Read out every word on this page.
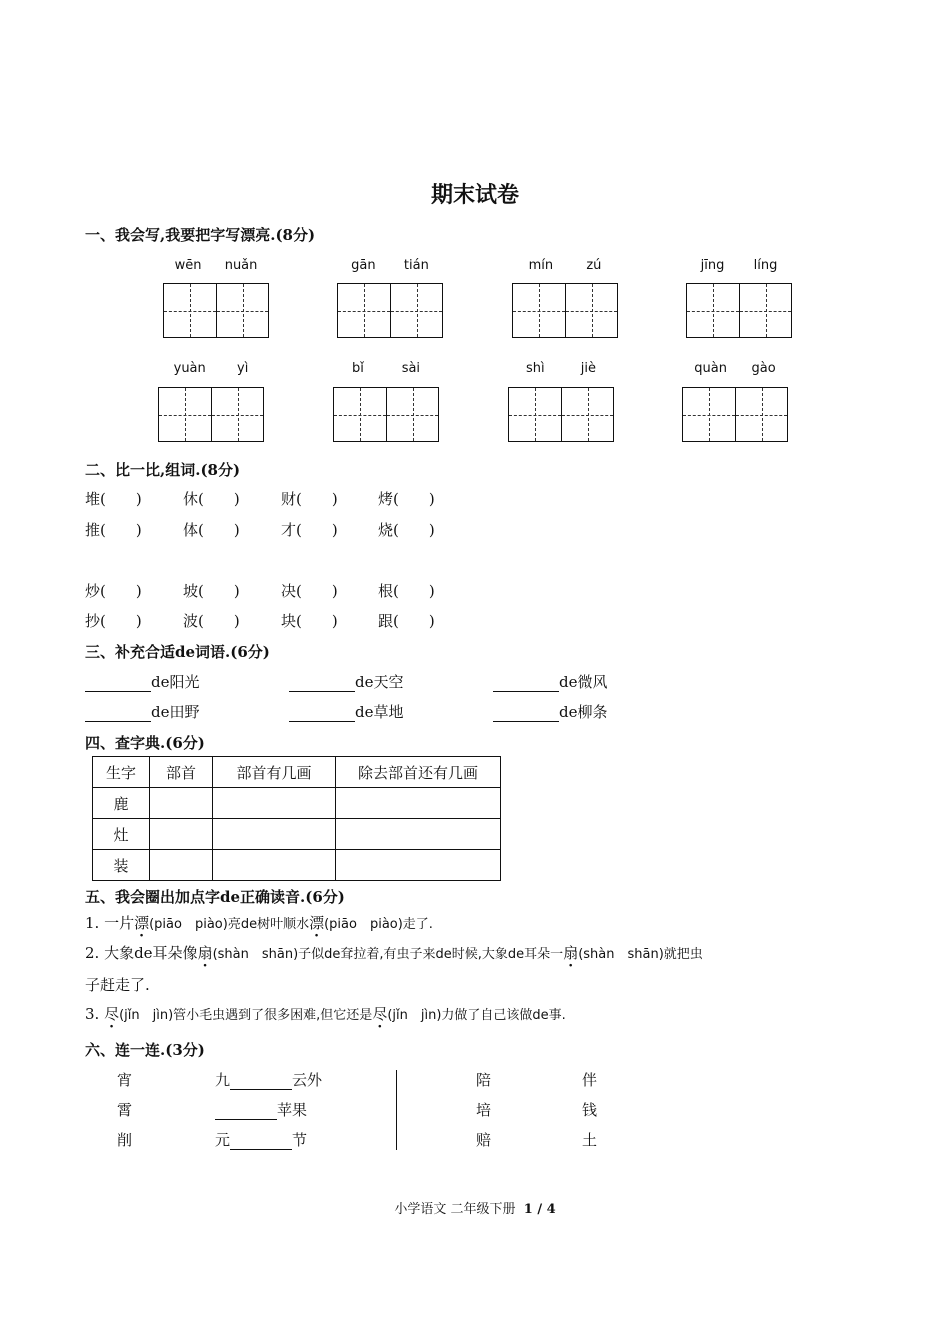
期末试卷
一、我会写,我要把字写漂亮.(8分)
wēn nuǎn	gān tián	mín	zú	jīng líng
yuàn yì	bǐ	sài	shì	jiè	quàn gào
二、比一比,组词.(8分)
堆(　　)	休(　　)	财(　　)	烤(　　)
推(　　)	体(　　)	才(　　)	烧(　　)
炒(　　)	坡(　　)	决(　　)	根(　　)
抄(　　)	波(　　)	块(　　)	跟(　　)
三、补充合适de词语.(6分)
de阳光	de天空	de微风
de田野	de草地	de柳条
四、查字典.(6分)
生字	部首	部首有几画	除去部首还有几画
鹿			
灶			
装			
五、我会圈出加点字de正确读音.(6分)
1. 一片漂(piāo　piào)亮de树叶顺水漂(piāo　piào)走了.
2. 大象de耳朵像扇(shàn　shān)子似de耷拉着,有虫子来de时候,大象de耳朵一扇(shàn　shān)就把虫
子赶走了.
3. 尽(jǐn　jìn)管小毛虫遇到了很多困难,但它还是尽(jǐn　jìn)力做了自己该做de事.
六、连一连.(3分)
宵	九	云外	陪	伴
霄	苹果	培	钱
削	元	节	赔	土
小学语文 二年级下册 1 / 4
